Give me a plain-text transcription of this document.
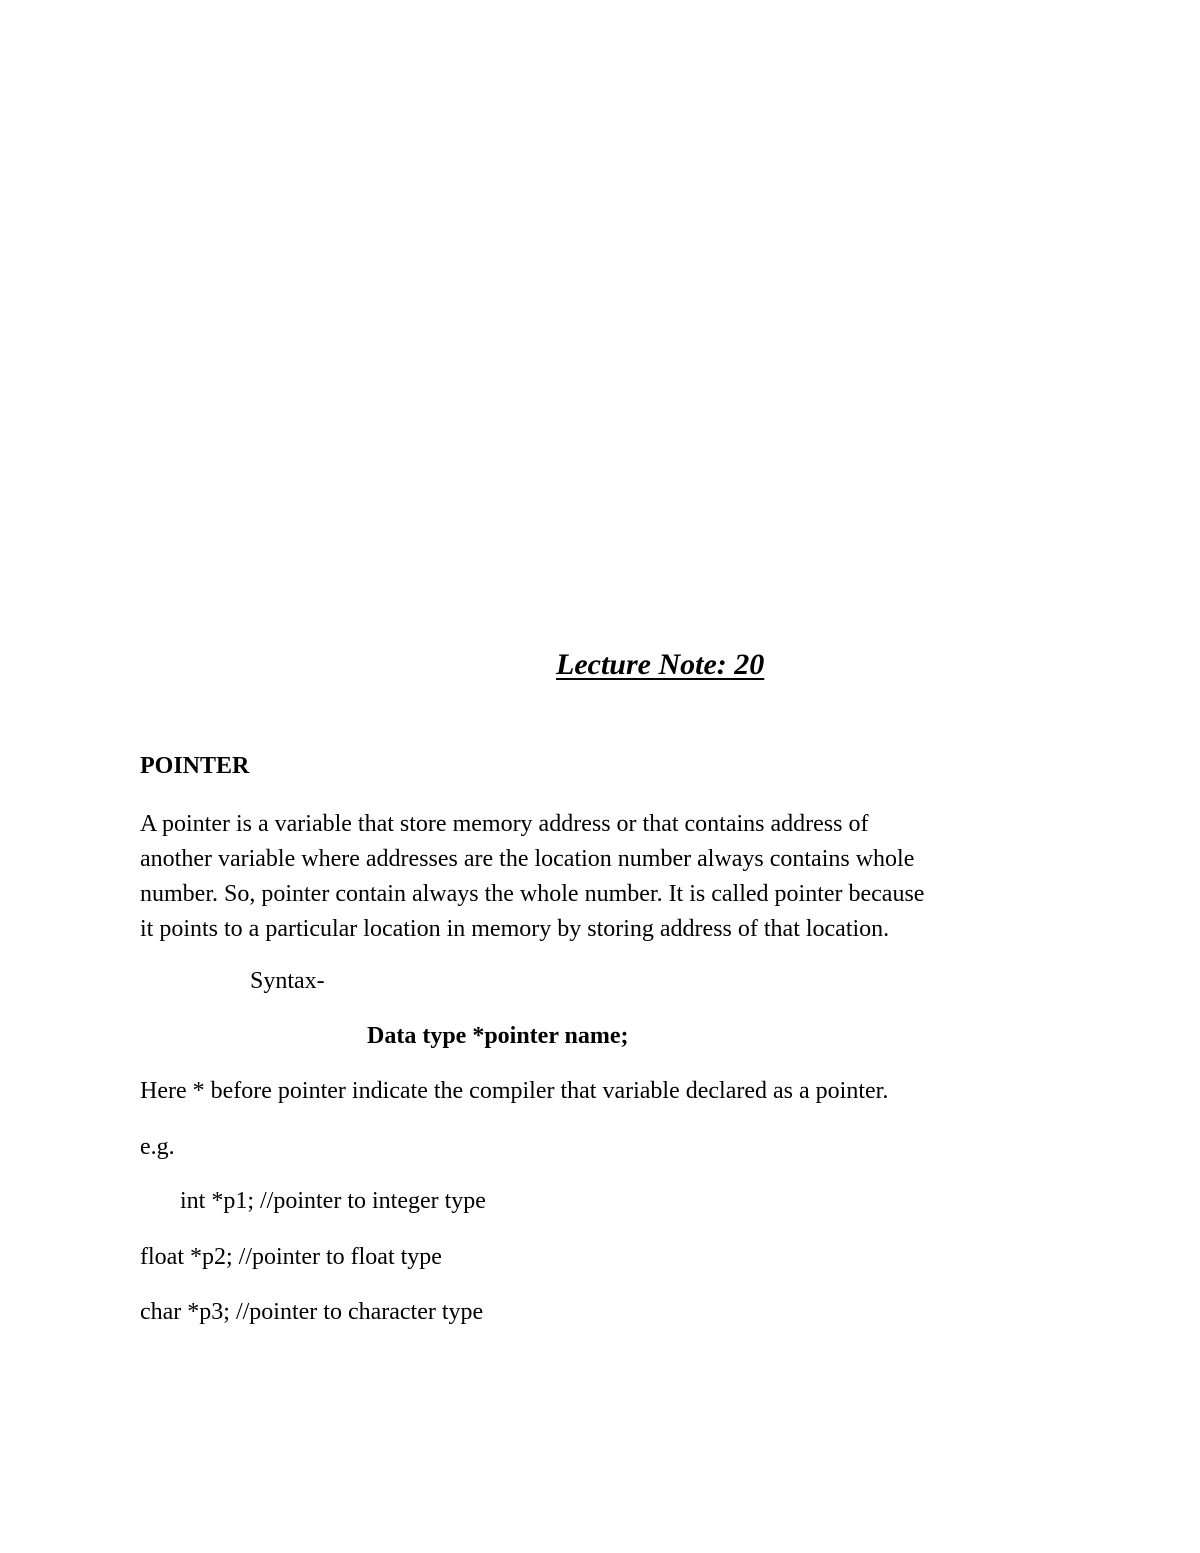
Lecture Note: 20
POINTER
A pointer is a variable that store memory address or that contains address of
another variable where addresses are the location number always contains whole
number. So, pointer contain always the whole number. It is called pointer because
it points to a particular location in memory by storing address of that location.
Syntax-
Data type *pointer name;
Here * before pointer indicate the compiler that variable declared as a pointer.
e.g.
int *p1; //pointer to integer type
float *p2; //pointer to float type
char *p3; //pointer to character type
